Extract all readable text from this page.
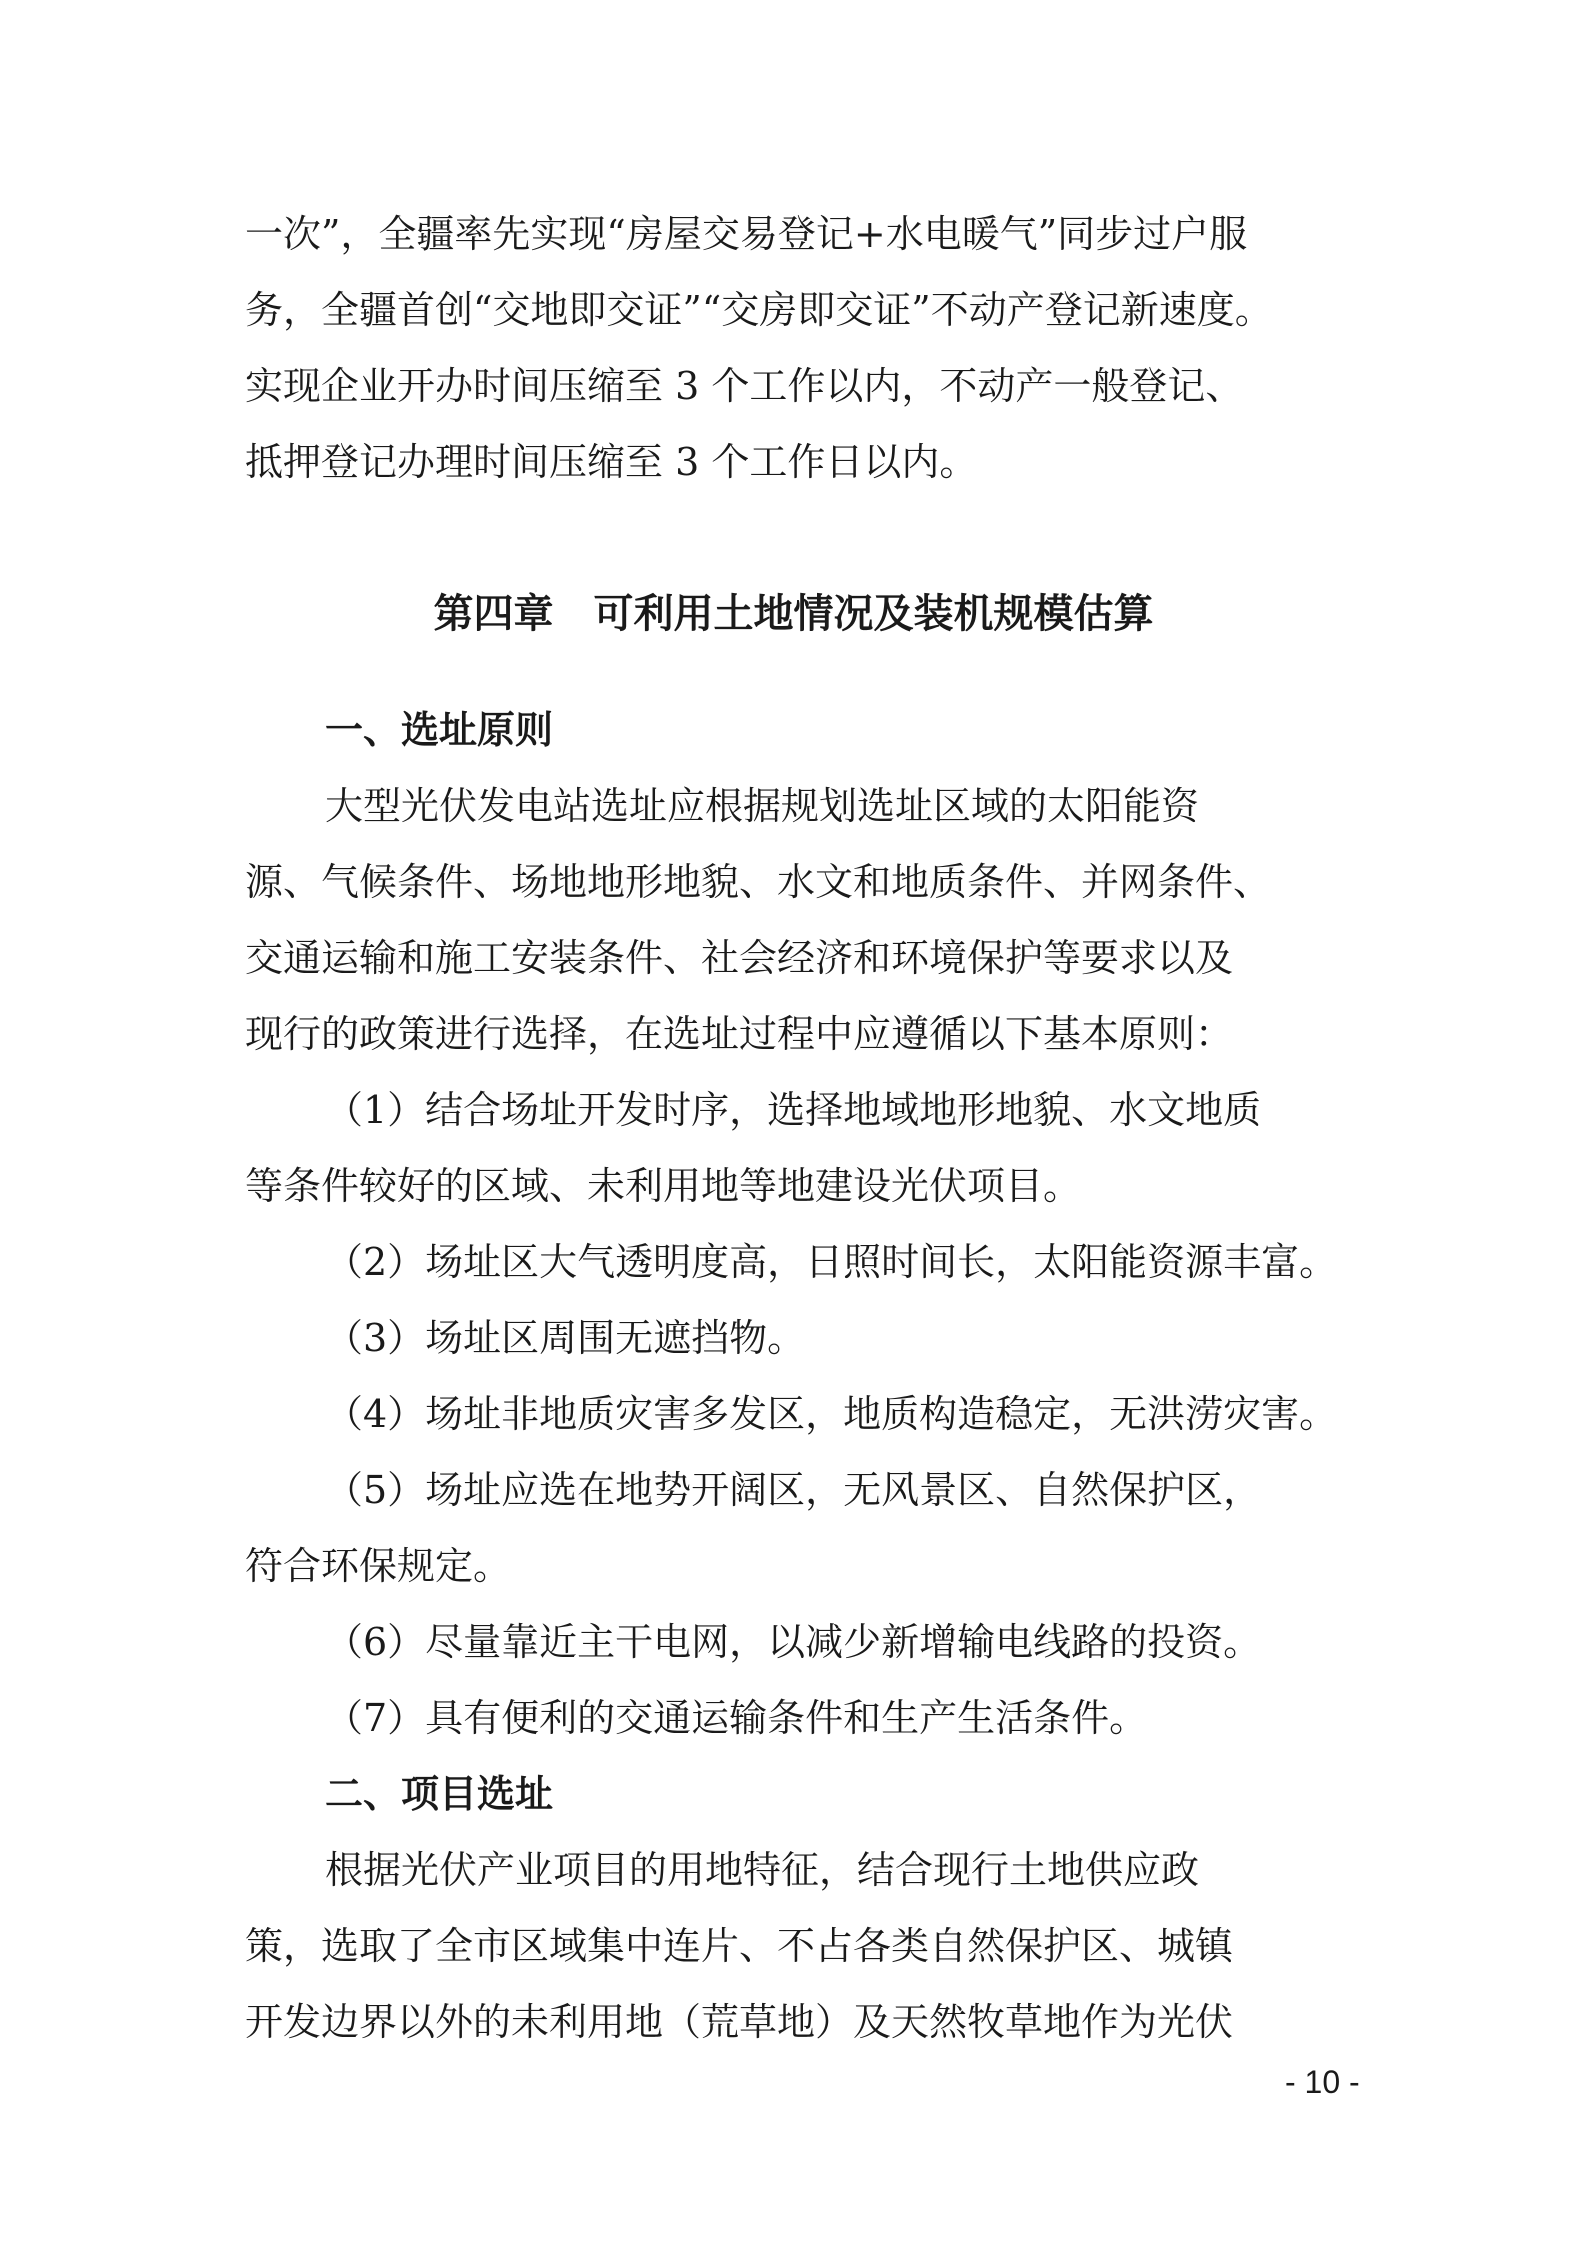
一次”，全疆率先实现“房屋交易登记+水电暖气”同步过户服
务，全疆首创“交地即交证”“交房即交证”不动产登记新速度。
实现企业开办时间压缩至 3 个工作以内，不动产一般登记、
抵押登记办理时间压缩至 3 个工作日以内。
第四章　可利用土地情况及装机规模估算
一、选址原则
大型光伏发电站选址应根据规划选址区域的太阳能资
源、气候条件、场地地形地貌、水文和地质条件、并网条件、
交通运输和施工安装条件、社会经济和环境保护等要求以及
现行的政策进行选择，在选址过程中应遵循以下基本原则：
（1）结合场址开发时序，选择地域地形地貌、水文地质
等条件较好的区域、未利用地等地建设光伏项目。
（2）场址区大气透明度高，日照时间长，太阳能资源丰富。
（3）场址区周围无遮挡物。
（4）场址非地质灾害多发区，地质构造稳定，无洪涝灾害。
（5）场址应选在地势开阔区，无风景区、自然保护区，
符合环保规定。
（6）尽量靠近主干电网，以减少新增输电线路的投资。
（7）具有便利的交通运输条件和生产生活条件。
二、项目选址
根据光伏产业项目的用地特征，结合现行土地供应政
策，选取了全市区域集中连片、不占各类自然保护区、城镇
开发边界以外的未利用地（荒草地）及天然牧草地作为光伏
- 10 -
